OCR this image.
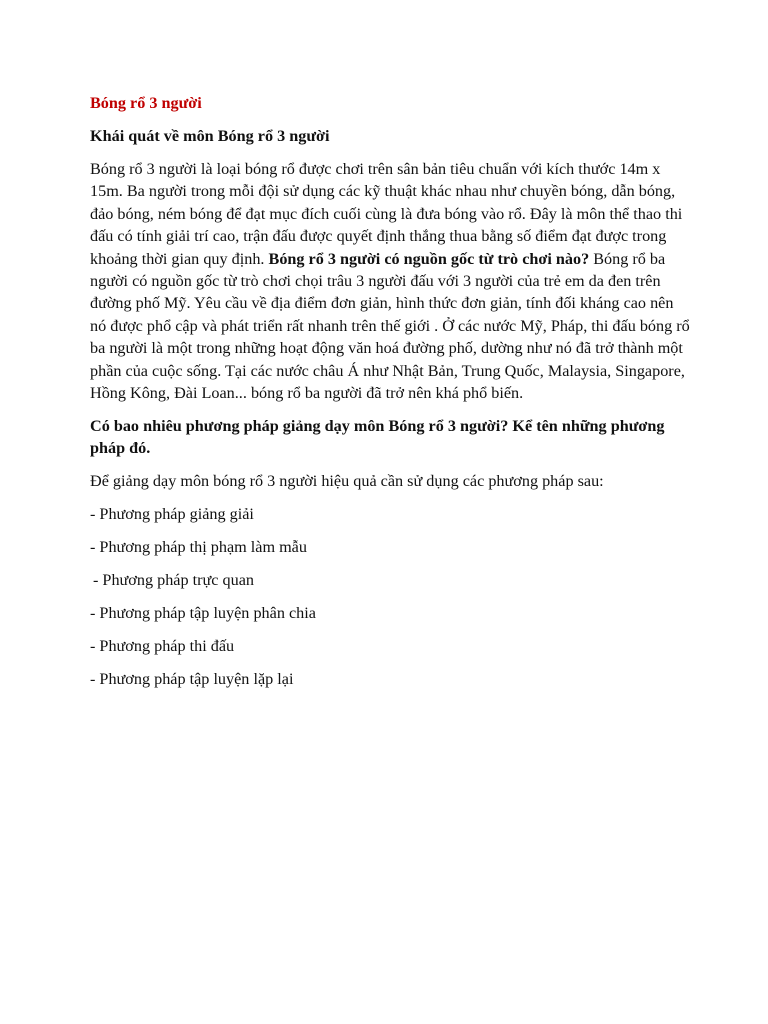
Bóng rổ 3 người

Khái quát về môn Bóng rổ 3 người

Bóng rổ 3 người là loại bóng rổ được chơi trên sân bản tiêu chuẩn với kích thước 14m x 15m. Ba người trong mỗi đội sử dụng các kỹ thuật khác nhau như chuyền bóng, dẫn bóng, đảo bóng, ném bóng để đạt mục đích cuối cùng là đưa bóng vào rổ. Đây là môn thể thao thi đấu có tính giải trí cao, trận đấu được quyết định thắng thua bằng số điểm đạt được trong khoảng thời gian quy định. Bóng rổ 3 người có nguồn gốc từ trò chơi nào? Bóng rổ ba người có nguồn gốc từ trò chơi chọi trâu 3 người đấu với 3 người của trẻ em da đen trên đường phố Mỹ. Yêu cầu về địa điểm đơn giản, hình thức đơn giản, tính đối kháng cao nên nó được phổ cập và phát triển rất nhanh trên thế giới . Ở các nước Mỹ, Pháp, thi đấu bóng rổ ba người là một trong những hoạt động văn hoá đường phố, dường như nó đã trở thành một phần của cuộc sống. Tại các nước châu Á như Nhật Bản, Trung Quốc, Malaysia, Singapore, Hồng Kông, Đài Loan... bóng rổ ba người đã trở nên khá phổ biến.

Có bao nhiêu phương pháp giảng dạy môn Bóng rổ 3 người? Kể tên những phương pháp đó.

Để giảng dạy môn bóng rổ 3 người hiệu quả cần sử dụng các phương pháp sau:

- Phương pháp giảng giải

- Phương pháp thị phạm làm mẫu

- Phương pháp trực quan

- Phương pháp tập luyện phân chia

- Phương pháp thi đấu

- Phương pháp tập luyện lặp lại
